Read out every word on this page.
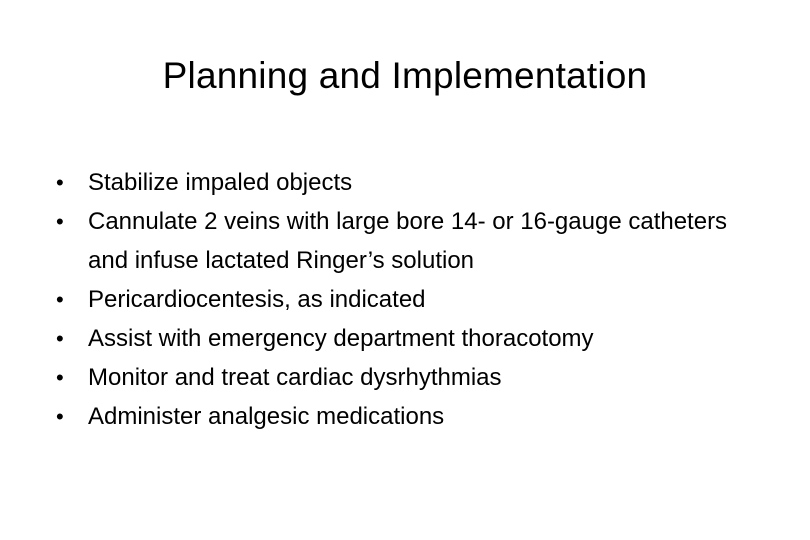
Planning and Implementation
•	Stabilize impaled objects
•	Cannulate 2 veins with large bore 14- or 16-gauge catheters and infuse lactated Ringer’s solution
•	Pericardiocentesis, as indicated
•	Assist with emergency department thoracotomy
•	Monitor and treat cardiac dysrhythmias
•	Administer analgesic medications
